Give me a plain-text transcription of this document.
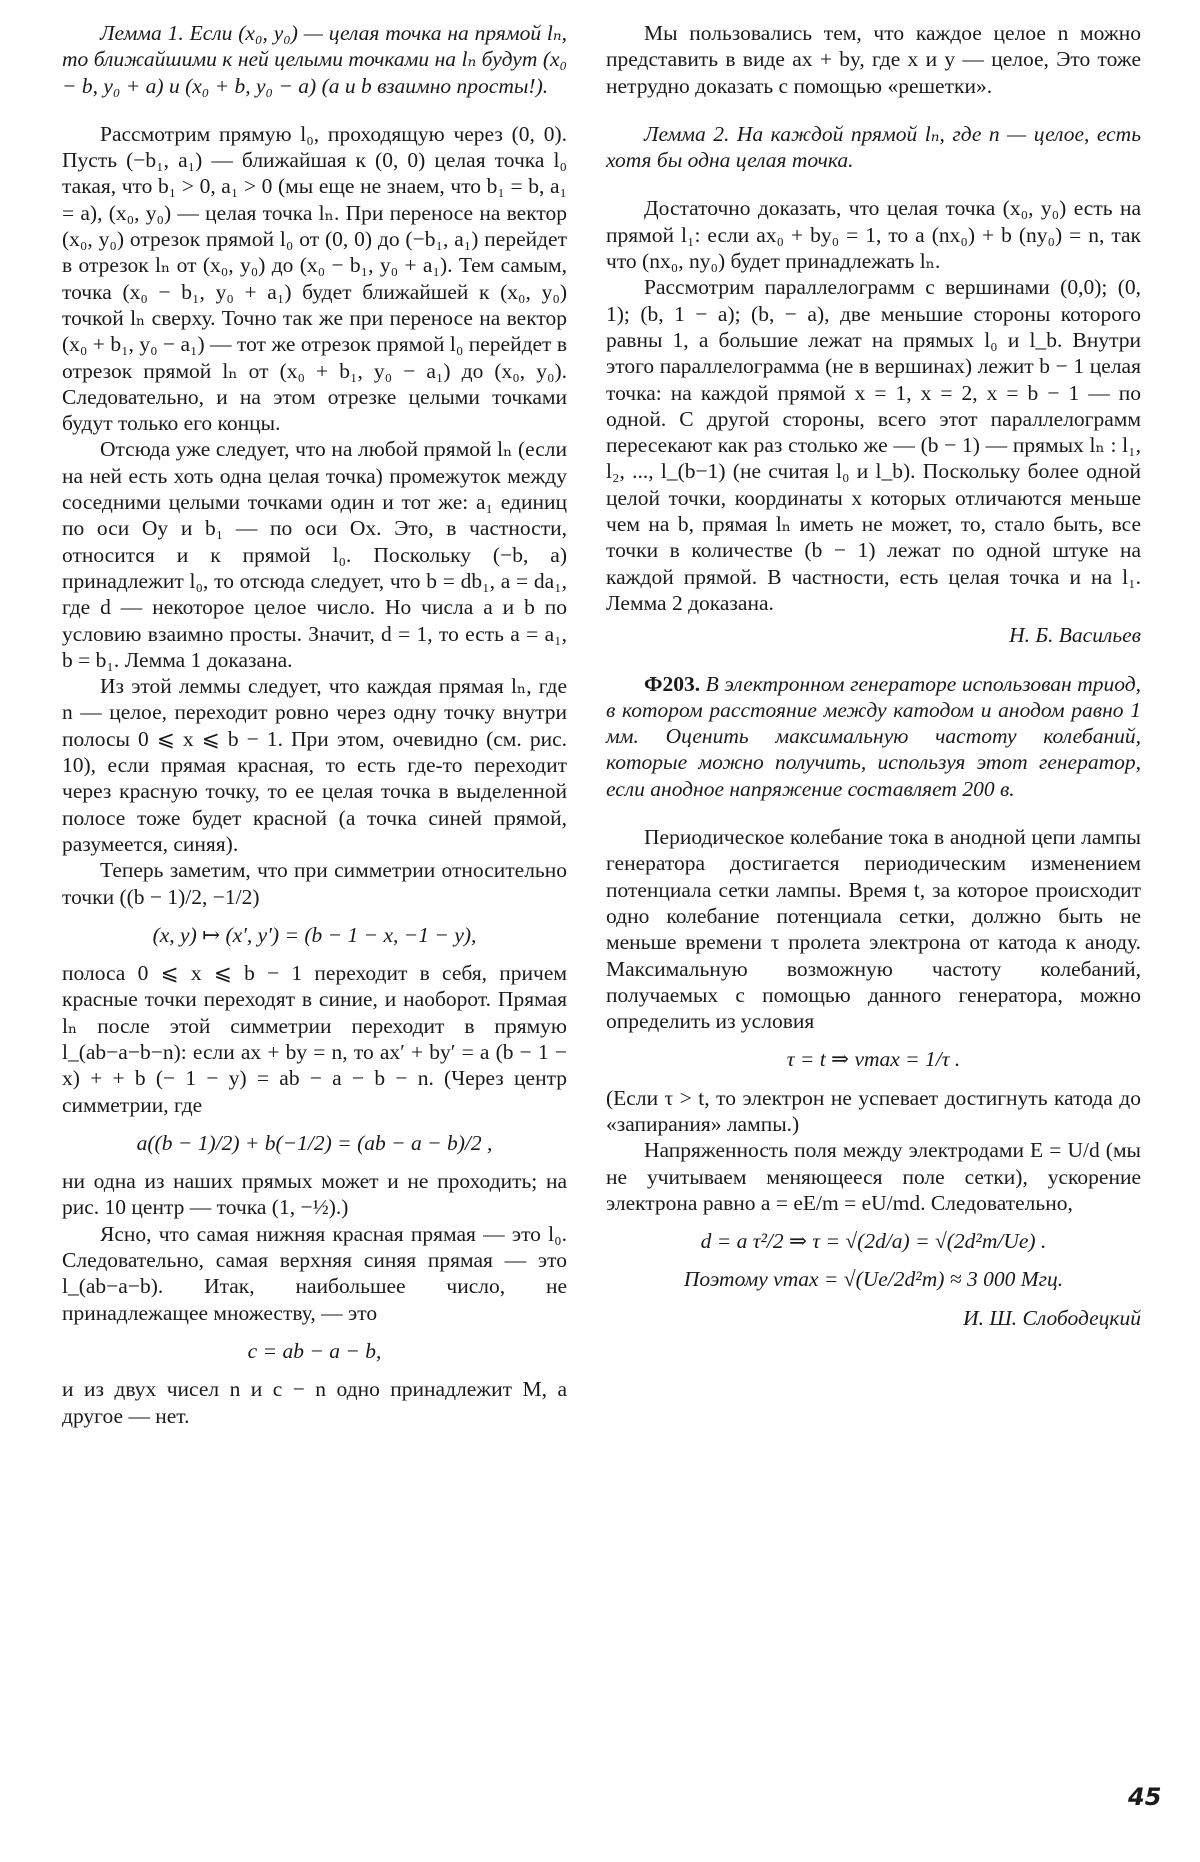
Лемма 1. Если (x₀, y₀) — целая точка на прямой lₙ, то ближайшими к ней целыми точками на lₙ будут (x₀ − b, y₀ + a) и (x₀ + b, y₀ − a) (a и b взаимно просты!).
Рассмотрим прямую l₀, проходящую через (0, 0). Пусть (−b₁, a₁) — ближайшая к (0, 0) целая точка l₀ такая, что b₁ > 0, a₁ > 0 (мы еще не знаем, что b₁ = b, a₁ = a), (x₀, y₀) — целая точка lₙ. При переносе на вектор (x₀, y₀) отрезок прямой l₀ от (0, 0) до (−b₁, a₁) перейдет в отрезок lₙ от (x₀, y₀) до (x₀ − b₁, y₀ + a₁). Тем самым, точка (x₀ − b₁, y₀ + a₁) будет ближайшей к (x₀, y₀) точкой lₙ сверху. Точно так же при переносе на вектор (x₀ + b₁, y₀ − a₁) — тот же отрезок прямой l₀ перейдет в отрезок прямой lₙ от (x₀ + b₁, y₀ − a₁) до (x₀, y₀). Следовательно, и на этом отрезке целыми точками будут только его концы.
Отсюда уже следует, что на любой прямой lₙ (если на ней есть хоть одна целая точка) промежуток между соседними целыми точками один и тот же: a₁ единиц по оси Oy и b₁ — по оси Ox. Это, в частности, относится и к прямой l₀. Поскольку (−b, a) принадлежит l₀, то отсюда следует, что b = db₁, a = da₁, где d — некоторое целое число. Но числа a и b по условию взаимно просты. Значит, d = 1, то есть a = a₁, b = b₁. Лемма 1 доказана.
Из этой леммы следует, что каждая прямая lₙ, где n — целое, переходит ровно через одну точку внутри полосы 0 ⩽ x ⩽ b − 1. При этом, очевидно (см. рис. 10), если прямая красная, то есть где-то переходит через красную точку, то ее целая точка в выделенной полосе тоже будет красной (а точка синей прямой, разумеется, синяя).
Теперь заметим, что при симметрии относительно точки ((b − 1)/2, −1/2)
(x, y) ↦ (x′, y′) = (b − 1 − x, −1 − y),
полоса 0 ⩽ x ⩽ b − 1 переходит в себя, причем красные точки переходят в синие, и наоборот. Прямая lₙ после этой симметрии переходит в прямую l_(ab−a−b−n): если ax + by = n, то ax′ + by′ = a (b − 1 − x) + + b (− 1 − y) = ab − a − b − n. (Через центр симметрии, где
a((b − 1)/2) + b(−1/2) = (ab − a − b)/2 ,
ни одна из наших прямых может и не проходить; на рис. 10 центр — точка (1, −½).)
Ясно, что самая нижняя красная прямая — это l₀. Следовательно, самая верхняя синяя прямая — это l_(ab−a−b). Итак, наибольшее число, не принадлежащее множеству, — это
c = ab − a − b,
и из двух чисел n и c − n одно принадлежит M, а другое — нет.
Мы пользовались тем, что каждое целое n можно представить в виде ax + by, где x и y — целое, Это тоже нетрудно доказать с помощью «решетки».
Лемма 2. На каждой прямой lₙ, где n — целое, есть хотя бы одна целая точка.
Достаточно доказать, что целая точка (x₀, y₀) есть на прямой l₁: если ax₀ + by₀ = 1, то a (nx₀) + b (ny₀) = n, так что (nx₀, ny₀) будет принадлежать lₙ.
Рассмотрим параллелограмм с вершинами (0,0); (0, 1); (b, 1 − a); (b, − a), две меньшие стороны которого равны 1, а большие лежат на прямых l₀ и l_b. Внутри этого параллелограмма (не в вершинах) лежит b − 1 целая точка: на каждой прямой x = 1, x = 2, x = b − 1 — по одной. С другой стороны, всего этот параллелограмм пересекают как раз столько же — (b − 1) — прямых lₙ : l₁, l₂, ..., l_(b−1) (не считая l₀ и l_b). Поскольку более одной целой точки, координаты x которых отличаются меньше чем на b, прямая lₙ иметь не может, то, стало быть, все точки в количестве (b − 1) лежат по одной штуке на каждой прямой. В частности, есть целая точка и на l₁. Лемма 2 доказана.
Н. Б. Васильев
Ф203. В электронном генераторе использован триод, в котором расстояние между катодом и анодом равно 1 мм. Оценить максимальную частоту колебаний, которые можно получить, используя этот генератор, если анодное напряжение составляет 200 в.
Периодическое колебание тока в анодной цепи лампы генератора достигается периодическим изменением потенциала сетки лампы. Время t, за которое происходит одно колебание потенциала сетки, должно быть не меньше времени τ пролета электрона от катода к аноду. Максимальную возможную частоту колебаний, получаемых с помощью данного генератора, можно определить из условия
τ = t ⇒ νmax = 1/τ .
(Если τ > t, то электрон не успевает достигнуть катода до «запирания» лампы.)
Напряженность поля между электродами E = U/d (мы не учитываем меняющееся поле сетки), ускорение электрона равно a = eE/m = eU/md. Следовательно,
d = a τ²/2 ⇒ τ = √(2d/a) = √(2d²m/Ue) .
Поэтому νmax = √(Ue/2d²m) ≈ 3 000 Мгц.
И. Ш. Слободецкий
45
